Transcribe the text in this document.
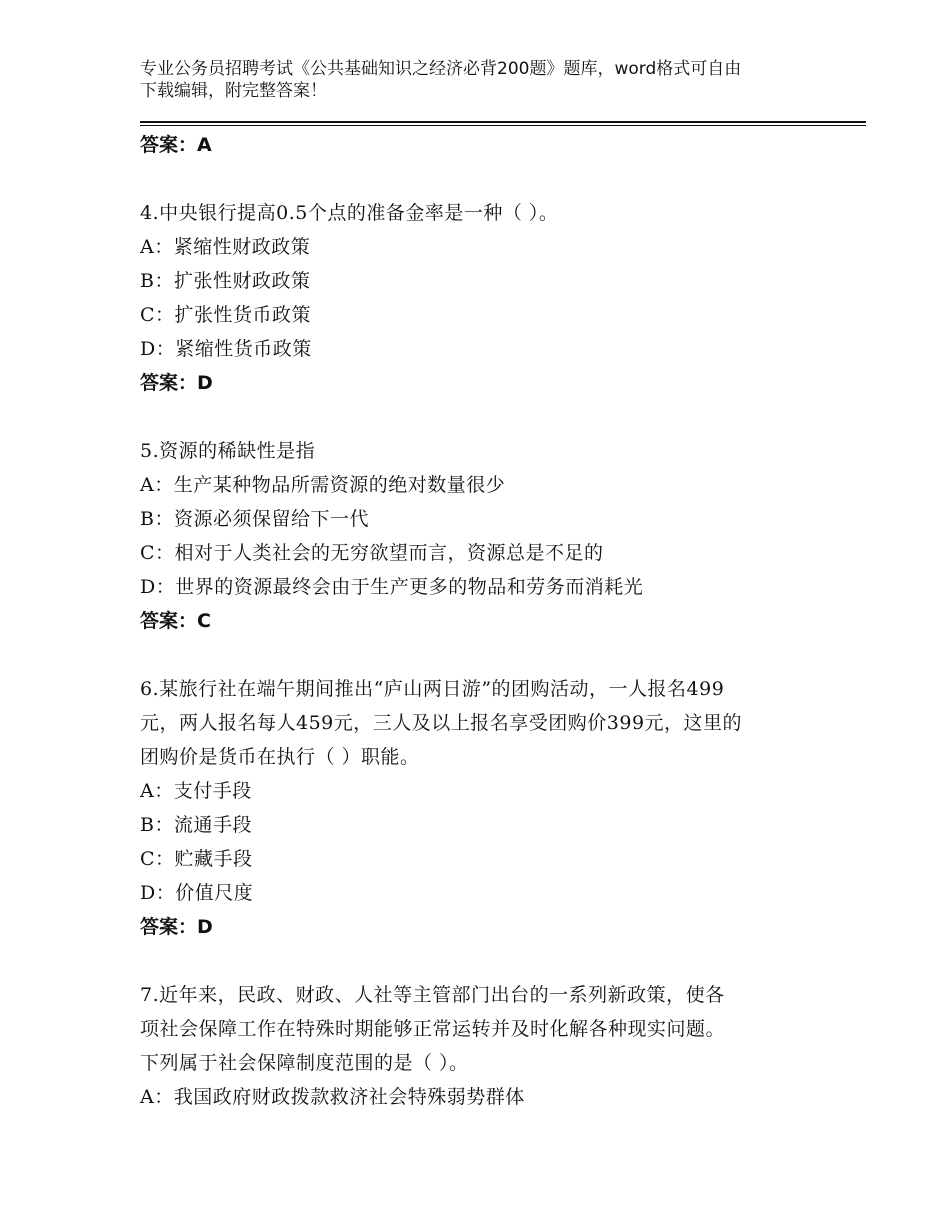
专业公务员招聘考试《公共基础知识之经济必背200题》题库，word格式可自由
下载编辑，附完整答案！
答案：A
4.中央银行提高0.5个点的准备金率是一种（ ）。
A：紧缩性财政政策
B：扩张性财政政策
C：扩张性货币政策
D：紧缩性货币政策
答案：D
5.资源的稀缺性是指
A：生产某种物品所需资源的绝对数量很少
B：资源必须保留给下一代
C：相对于人类社会的无穷欲望而言，资源总是不足的
D：世界的资源最终会由于生产更多的物品和劳务而消耗光
答案：C
6.某旅行社在端午期间推出“庐山两日游”的团购活动，一人报名499
元，两人报名每人459元，三人及以上报名享受团购价399元，这里的
团购价是货币在执行（ ）职能。
A：支付手段
B：流通手段
C：贮藏手段
D：价值尺度
答案：D
7.近年来，民政、财政、人社等主管部门出台的一系列新政策，使各
项社会保障工作在特殊时期能够正常运转并及时化解各种现实问题。
下列属于社会保障制度范围的是（ ）。
A：我国政府财政拨款救济社会特殊弱势群体
